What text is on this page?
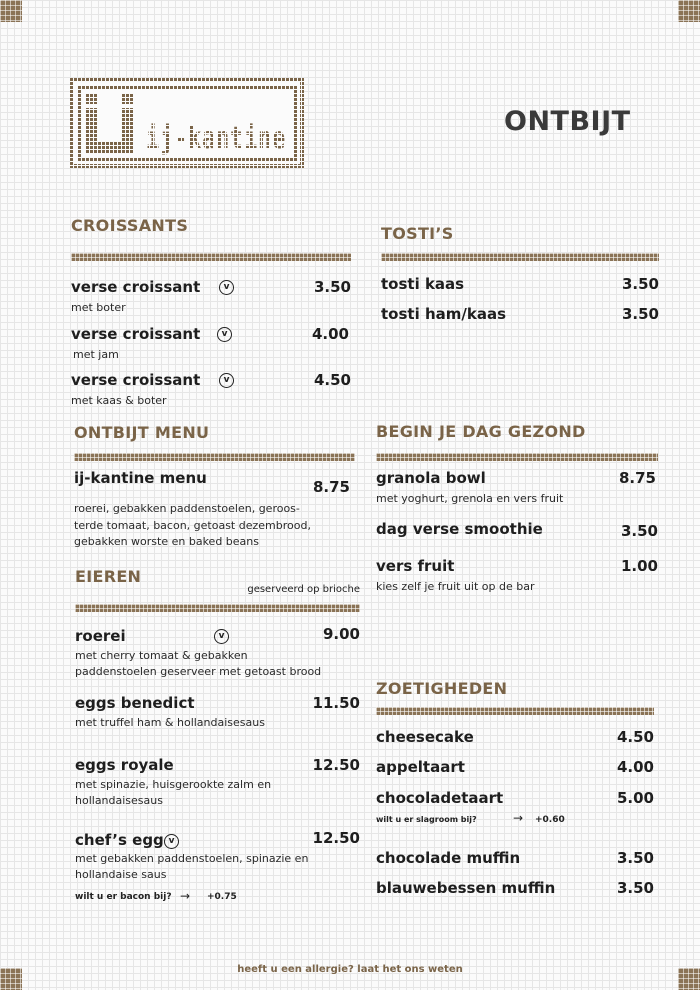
ij-kantine	ONTBIJT
CROISSANTS
verse croissant	v	3.50
met boter
verse croissant	v	4.00
met jam
verse croissant	v	4.50
met kaas & boter
TOSTI’S
tosti kaas	3.50
tosti ham/kaas	3.50
ONTBIJT MENU
ij-kantine menu	8.75
roerei, gebakken paddenstoelen, geroos-
terde tomaat, bacon, getoast dezembrood,
gebakken worste en baked beans
BEGIN JE DAG GEZOND
granola bowl	8.75
met yoghurt, grenola en vers fruit
dag verse smoothie	3.50
vers fruit	1.00
kies zelf je fruit uit op de bar
EIEREN
geserveerd op brioche
roerei	v	9.00
met cherry tomaat & gebakken
paddenstoelen geserveer met getoast brood
eggs benedict	11.50
met truffel ham & hollandaisesaus
eggs royale	12.50
met spinazie, huisgerookte zalm en
hollandaisesaus
chef’s egg v	12.50
met gebakken paddenstoelen, spinazie en
hollandaise saus
wilt u er bacon bij? → +0.75
ZOETIGHEDEN
cheesecake	4.50
appeltaart	4.00
chocoladetaart	5.00
wilt u er slagroom bij?	→ +0.60
chocolade muffin	3.50
blauwebessen muffin	3.50
heeft u een allergie? laat het ons weten
